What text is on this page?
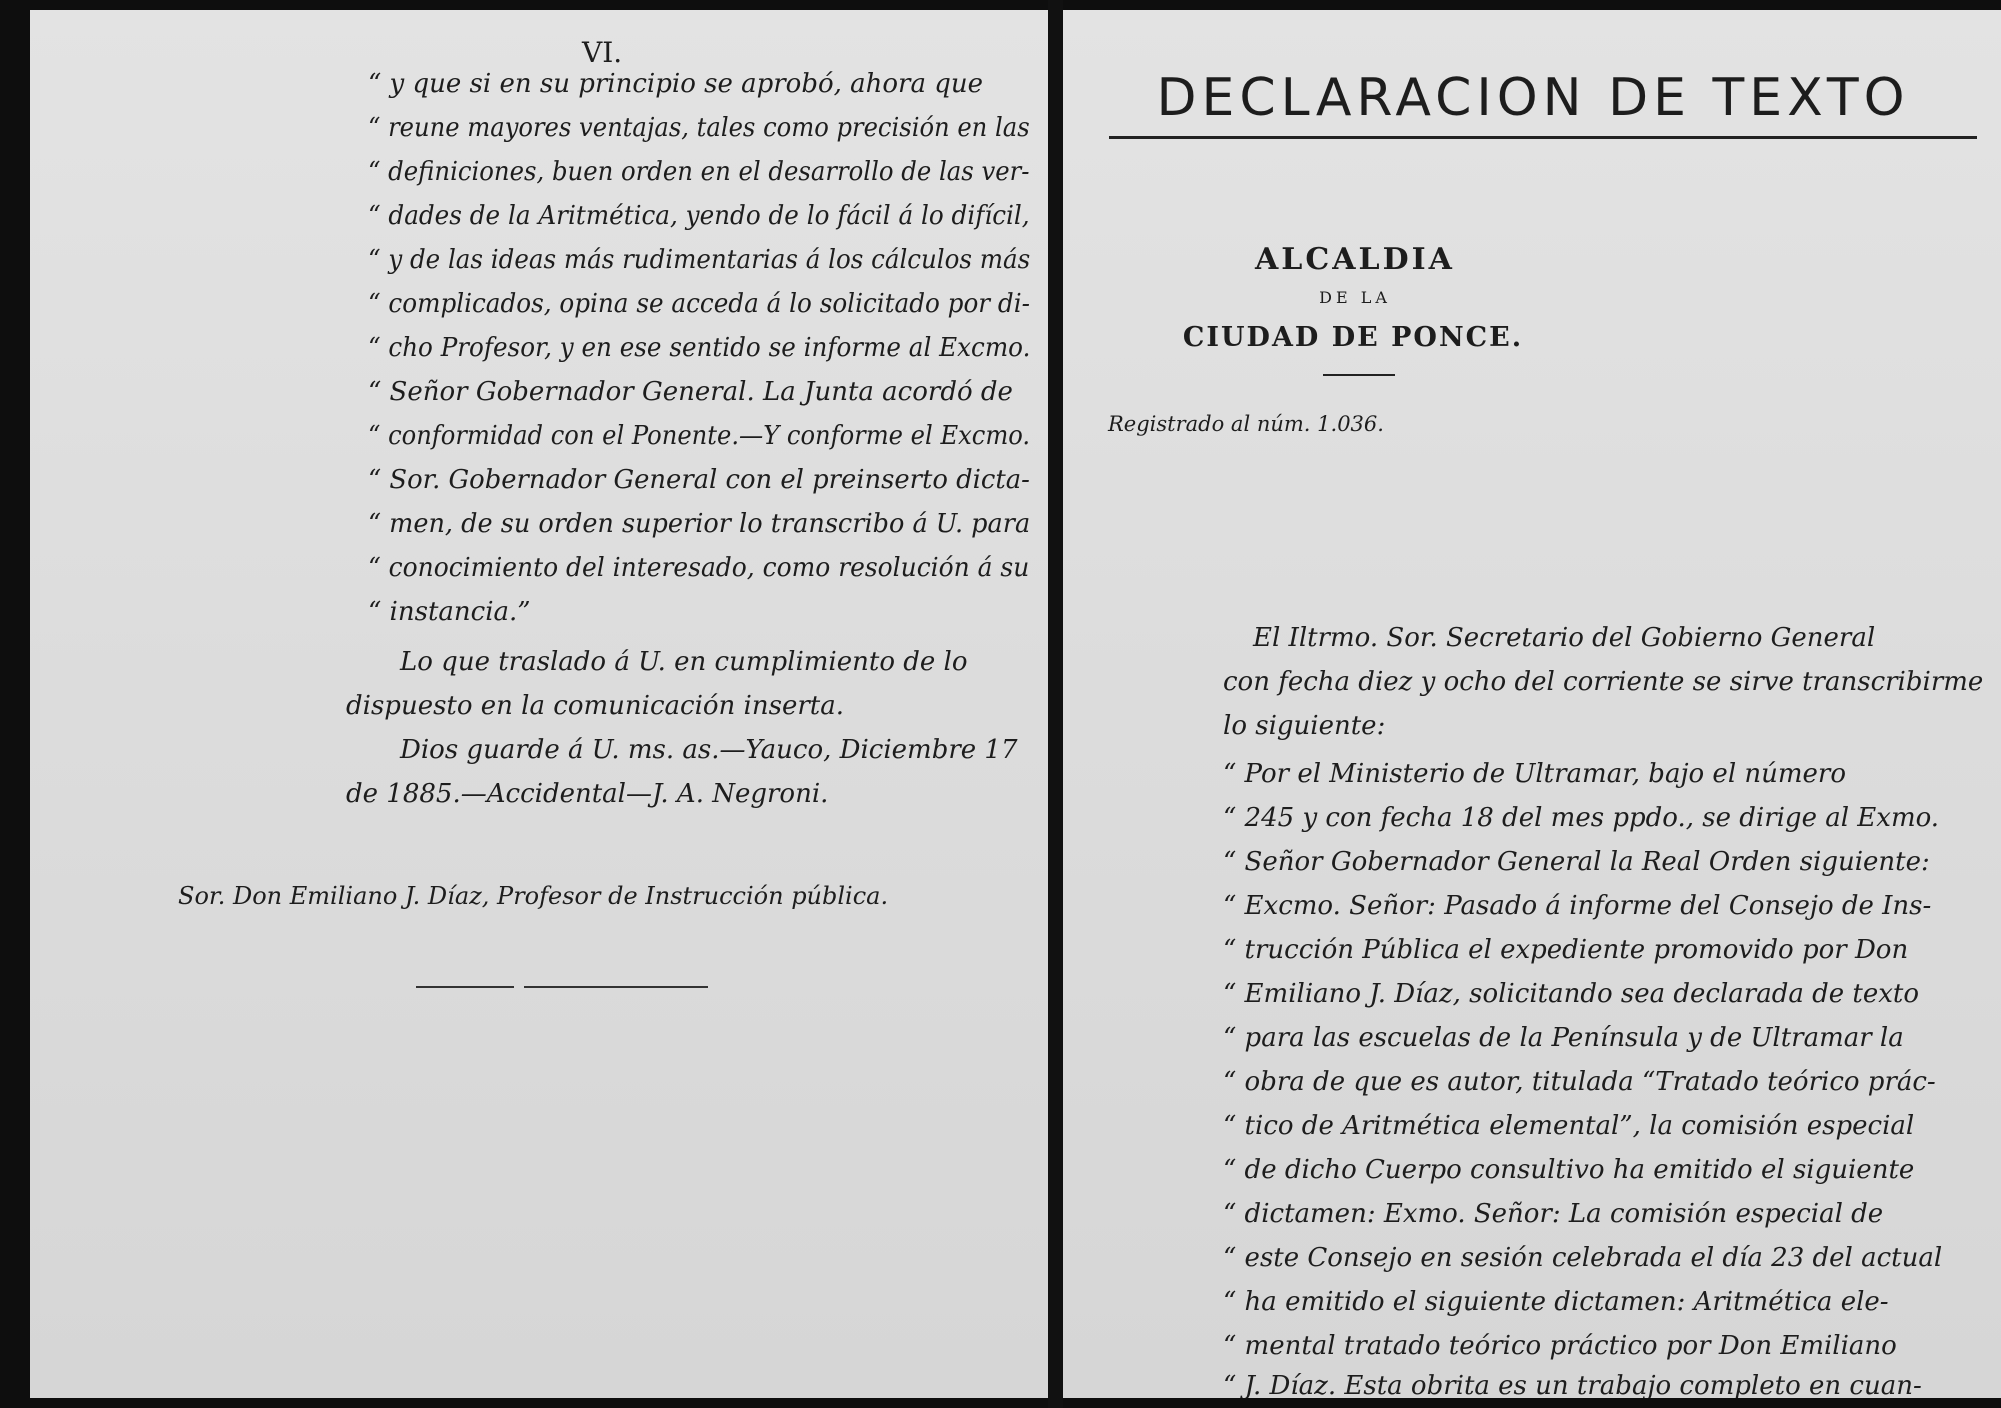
VI.

“ y que si en su principio se aprobó, ahora que

“ reune mayores ventajas, tales como precisión en las

“ definiciones, buen orden en el desarrollo de las ver-

“ dades de la Aritmética, yendo de lo fácil á lo difícil,

“ y de las ideas más rudimentarias á los cálculos más

“ complicados, opina se acceda á lo solicitado por di-

“ cho Profesor, y en ese sentido se informe al Excmo.

“ Señor Gobernador General. La Junta acordó de

“ conformidad con el Ponente.—Y conforme el Excmo.

“ Sor. Gobernador General con el preinserto dicta-

“ men, de su orden superior lo transcribo á U. para

“ conocimiento del interesado, como resolución á su

“ instancia.”

Lo que traslado á U. en cumplimiento de lo

dispuesto en la comunicación inserta.

Dios guarde á U. ms. as.—Yauco, Diciembre 17

de 1885.—Accidental—J. A. Negroni.

Sor. Don Emiliano J. Díaz, Profesor de Instrucción pública.

DECLARACION DE TEXTO
ALCALDIA
DE LA
CIUDAD DE PONCE.
Registrado al núm. 1.036.

El Iltrmo. Sor. Secretario del Gobierno General

con fecha diez y ocho del corriente se sirve transcribirme

lo siguiente:

“ Por el Ministerio de Ultramar, bajo el número

“ 245 y con fecha 18 del mes ppdo., se dirige al Exmo.

“ Señor Gobernador General la Real Orden siguiente:

“ Excmo. Señor: Pasado á informe del Consejo de Ins-

“ trucción Pública el expediente promovido por Don

“ Emiliano J. Díaz, solicitando sea declarada de texto

“ para las escuelas de la Península y de Ultramar la

“ obra de que es autor, titulada “Tratado teórico prác-

“ tico de Aritmética elemental”, la comisión especial

“ de dicho Cuerpo consultivo ha emitido el siguiente

“ dictamen: Exmo. Señor: La comisión especial de

“ este Consejo en sesión celebrada el día 23 del actual

“ ha emitido el siguiente dictamen: Aritmética ele-

“ mental tratado teórico práctico por Don Emiliano

“ J. Díaz. Esta obrita es un trabajo completo en cuan-
